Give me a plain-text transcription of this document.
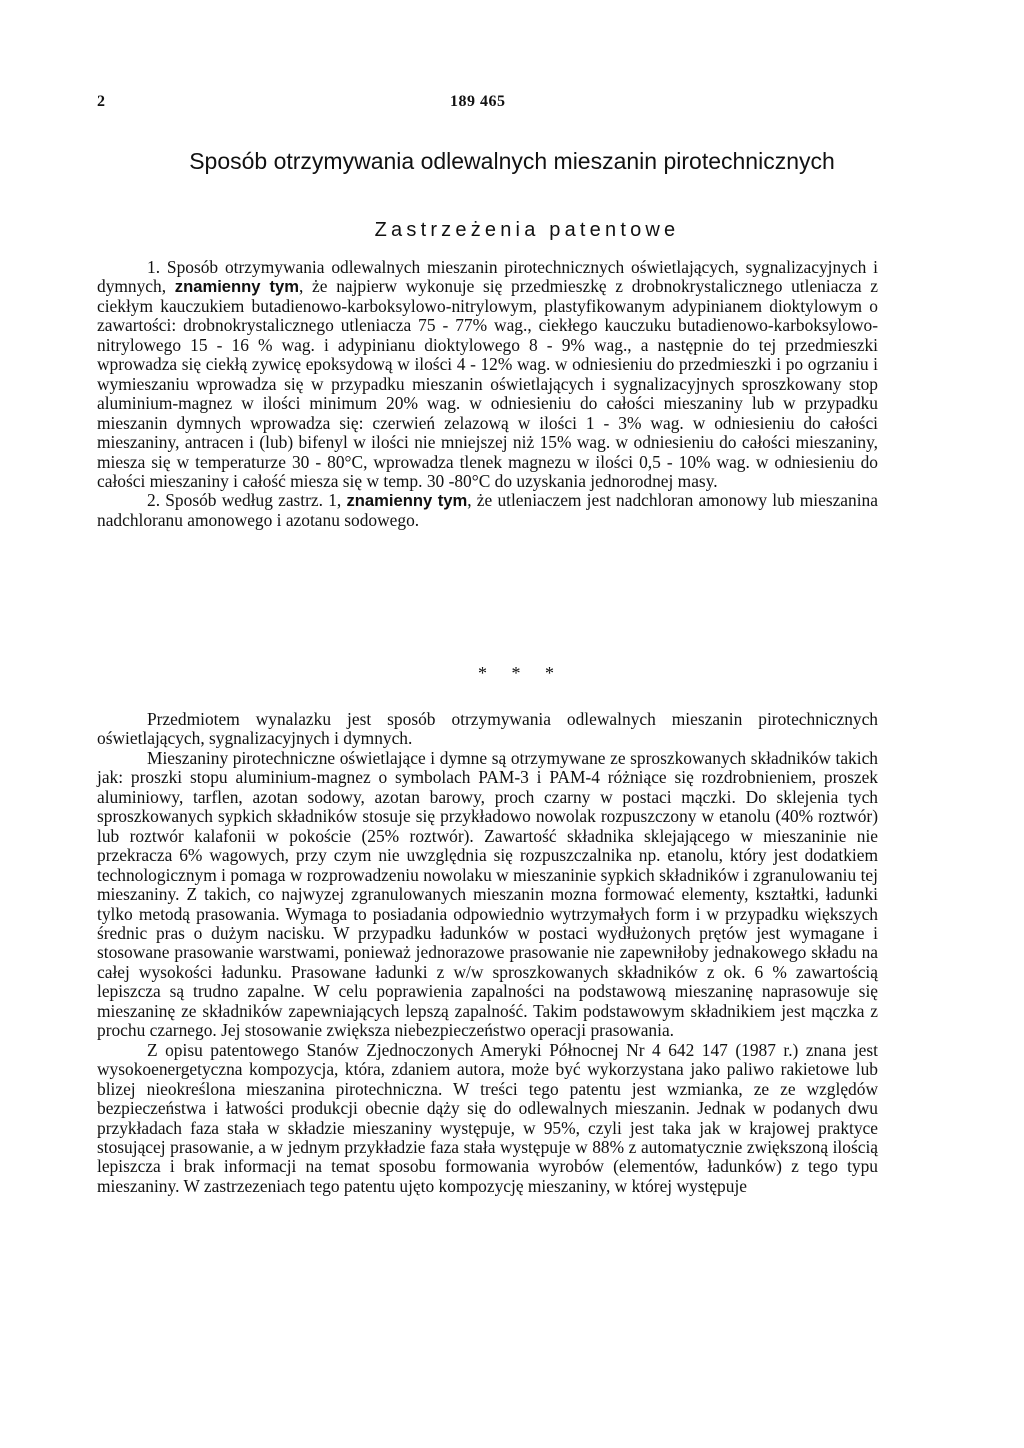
2	189 465
Sposób otrzymywania odlewalnych mieszanin pirotechnicznych
Zastrzeżenia patentowe

1. Sposób otrzymywania odlewalnych mieszanin pirotechnicznych oświetlających, sygnalizacyjnych i dymnych, znamienny tym, że najpierw wykonuje się przedmieszkę z drobnokrystalicznego utleniacza z ciekłym kauczukiem butadienowo-karboksylowo-nitrylowym, plastyfikowanym adypinianem dioktylowym o zawartości: drobnokrystalicznego utleniacza 75 - 77% wag., ciekłego kauczuku butadienowo-karboksylowo-nitrylowego 15 - 16 % wag. i adypinianu dioktylowego 8 - 9% wag., a następnie do tej przedmieszki wprowadza się ciekłą zywicę epoksydową w ilości 4 - 12% wag. w odniesieniu do przedmieszki i po ogrzaniu i wymieszaniu wprowadza się w przypadku mieszanin oświetlających i sygnalizacyjnych sproszkowany stop aluminium-magnez w ilości minimum 20% wag. w odniesieniu do całości mieszaniny lub w przypadku mieszanin dymnych wprowadza się: czerwień zelazową w ilości 1 - 3% wag. w odniesieniu do całości mieszaniny, antracen i (lub) bifenyl w ilości nie mniejszej niż 15% wag. w odniesieniu do całości mieszaniny, miesza się w temperaturze 30 - 80°C, wprowadza tlenek magnezu w ilości 0,5 - 10% wag. w odniesieniu do całości mieszaniny i całość miesza się w temp. 30 -80°C do uzyskania jednorodnej masy.

2. Sposób według zastrz. 1, znamienny tym, że utleniaczem jest nadchloran amonowy lub mieszanina nadchloranu amonowego i azotanu sodowego.

* * *

Przedmiotem wynalazku jest sposób otrzymywania odlewalnych mieszanin pirotechnicznych oświetlających, sygnalizacyjnych i dymnych.

Mieszaniny pirotechniczne oświetlające i dymne są otrzymywane ze sproszkowanych składników takich jak: proszki stopu aluminium-magnez o symbolach PAM-3 i PAM-4 różniące się rozdrobnieniem, proszek aluminiowy, tarflen, azotan sodowy, azotan barowy, proch czarny w postaci mączki. Do sklejenia tych sproszkowanych sypkich składników stosuje się przykładowo nowolak rozpuszczony w etanolu (40% roztwór) lub roztwór kalafonii w pokoście (25% roztwór). Zawartość składnika sklejającego w mieszaninie nie przekracza 6% wagowych, przy czym nie uwzględnia się rozpuszczalnika np. etanolu, który jest dodatkiem technologicznym i pomaga w rozprowadzeniu nowolaku w mieszaninie sypkich składników i zgranulowaniu tej mieszaniny. Z takich, co najwyzej zgranulowanych mieszanin mozna formować elementy, kształtki, ładunki tylko metodą prasowania. Wymaga to posiadania odpowiednio wytrzymałych form i w przypadku większych średnic pras o dużym nacisku. W przypadku ładunków w postaci wydłużonych prętów jest wymagane i stosowane prasowanie warstwami, ponieważ jednorazowe prasowanie nie zapewniłoby jednakowego składu na całej wysokości ładunku. Prasowane ładunki z w/w sproszkowanych składników z ok. 6 % zawartością lepiszcza są trudno zapalne. W celu poprawienia zapalności na podstawową mieszaninę naprasowuje się mieszaninę ze składników zapewniających lepszą zapalność. Takim podstawowym składnikiem jest mączka z prochu czarnego. Jej stosowanie zwiększa niebezpieczeństwo operacji prasowania.

Z opisu patentowego Stanów Zjednoczonych Ameryki Północnej Nr 4 642 147 (1987 r.) znana jest wysokoenergetyczna kompozycja, która, zdaniem autora, może być wykorzystana jako paliwo rakietowe lub blizej nieokreślona mieszanina pirotechniczna. W treści tego patentu jest wzmianka, ze ze względów bezpieczeństwa i łatwości produkcji obecnie dąży się do odlewalnych mieszanin. Jednak w podanych dwu przykładach faza stała w składzie mieszaniny występuje, w 95%, czyli jest taka jak w krajowej praktyce stosującej prasowanie, a w jednym przykładzie faza stała występuje w 88% z automatycznie zwiększoną ilością lepiszcza i brak informacji na temat sposobu formowania wyrobów (elementów, ładunków) z tego typu mieszaniny. W zastrzezeniach tego patentu ujęto kompozycję mieszaniny, w której występuje
